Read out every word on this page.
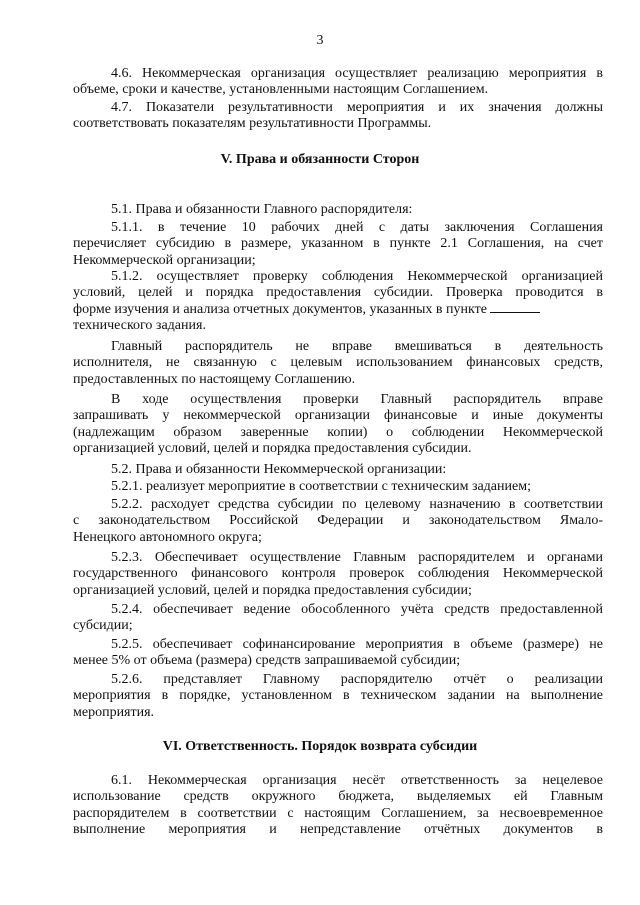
3
4.6. Некоммерческая организация осуществляет реализацию мероприятия в
объеме, сроки и качестве, установленными настоящим Соглашением.
4.7. Показатели результативности мероприятия и их значения должны
соответствовать показателям результативности Программы.
V. Права и обязанности Сторон
5.1. Права и обязанности Главного распорядителя:
5.1.1. в течение 10 рабочих дней с даты заключения Соглашения
перечисляет субсидию в размере, указанном в пункте 2.1 Соглашения, на счет
Некоммерческой организации;
5.1.2. осуществляет проверку соблюдения Некоммерческой организацией
условий, целей и порядка предоставления субсидии. Проверка проводится в
форме изучения и анализа отчетных документов, указанных в пункте
технического задания.
Главный распорядитель не вправе вмешиваться в деятельность
исполнителя, не связанную с целевым использованием финансовых средств,
предоставленных по настоящему Соглашению.
В ходе осуществления проверки Главный распорядитель вправе
запрашивать у некоммерческой организации финансовые и иные документы
(надлежащим образом заверенные копии) о соблюдении Некоммерческой
организацией условий, целей и порядка предоставления субсидии.
5.2. Права и обязанности Некоммерческой организации:
5.2.1. реализует мероприятие в соответствии с техническим заданием;
5.2.2. расходует средства субсидии по целевому назначению в соответствии
с законодательством Российской Федерации и законодательством Ямало-
Ненецкого автономного округа;
5.2.3. Обеспечивает осуществление Главным распорядителем и органами
государственного финансового контроля проверок соблюдения Некоммерческой
организацией условий, целей и порядка предоставления субсидии;
5.2.4. обеспечивает ведение обособленного учёта средств предоставленной
субсидии;
5.2.5. обеспечивает софинансирование мероприятия в объеме (размере) не
менее 5% от объема (размера) средств запрашиваемой субсидии;
5.2.6. представляет Главному распорядителю отчёт о реализации
мероприятия в порядке, установленном в техническом задании на выполнение
мероприятия.
VI. Ответственность. Порядок возврата субсидии
6.1. Некоммерческая организация несёт ответственность за нецелевое
использование средств окружного бюджета, выделяемых ей Главным
распорядителем в соответствии с настоящим Соглашением, за несвоевременное
выполнение мероприятия и непредставление отчётных документов в
